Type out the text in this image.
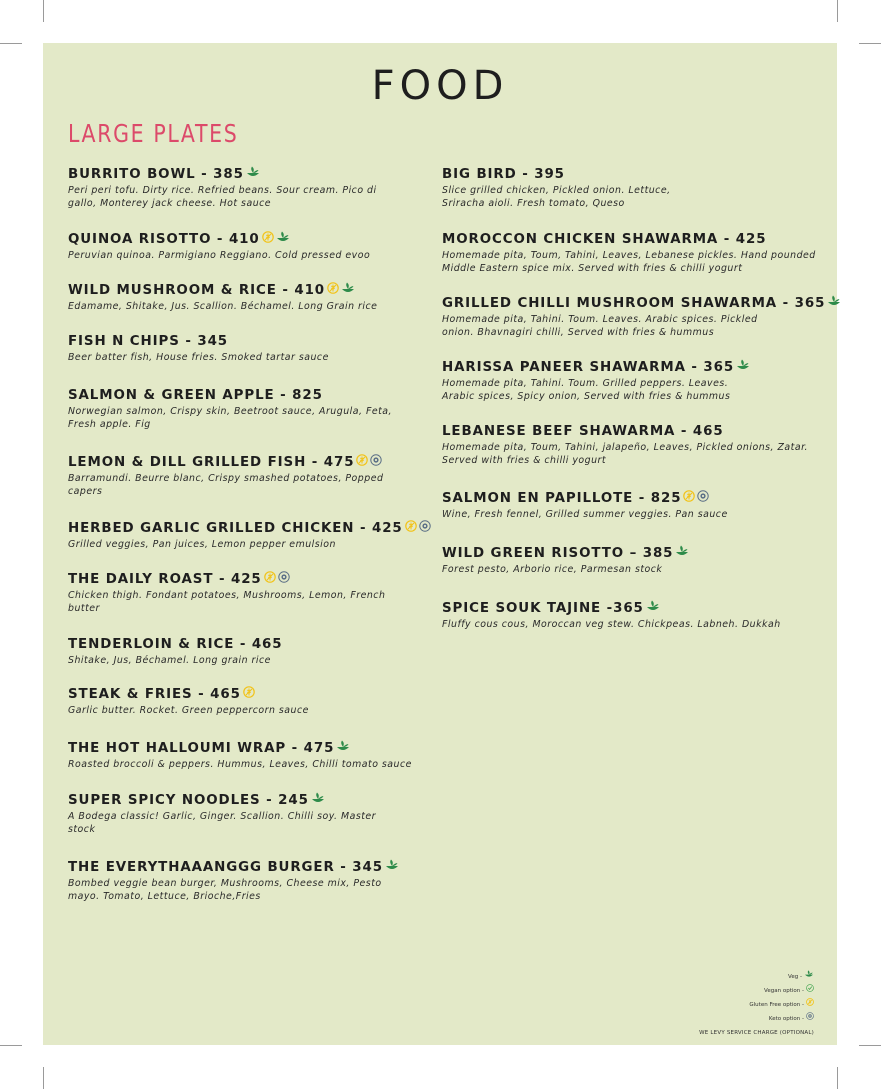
FOOD
LARGE PLATES
BURRITO BOWL - 385
Peri peri tofu. Dirty rice. Refried beans. Sour cream. Pico di gallo, Monterey jack cheese. Hot sauce
QUINOA RISOTTO - 410
Peruvian quinoa. Parmigiano Reggiano. Cold pressed evoo
WILD MUSHROOM & RICE - 410
Edamame, Shitake, Jus. Scallion. Béchamel. Long Grain rice
FISH N CHIPS - 345
Beer batter fish, House fries. Smoked tartar sauce
SALMON & GREEN APPLE - 825
Norwegian salmon, Crispy skin, Beetroot sauce, Arugula, Feta, Fresh apple. Fig
LEMON & DILL GRILLED FISH - 475
Barramundi. Beurre blanc, Crispy smashed potatoes, Popped capers
HERBED GARLIC GRILLED CHICKEN - 425
Grilled veggies, Pan juices, Lemon pepper emulsion
THE DAILY ROAST - 425
Chicken thigh. Fondant potatoes, Mushrooms, Lemon, French butter
TENDERLOIN & RICE - 465
Shitake, Jus, Béchamel. Long grain rice
STEAK & FRIES - 465
Garlic butter. Rocket. Green peppercorn sauce
THE HOT HALLOUMI WRAP - 475
Roasted broccoli & peppers. Hummus, Leaves, Chilli tomato sauce
SUPER SPICY NOODLES - 245
A Bodega classic! Garlic, Ginger. Scallion. Chilli soy. Master stock
THE EVERYTHAAANGGG BURGER - 345
Bombed veggie bean burger, Mushrooms, Cheese mix, Pesto mayo. Tomato, Lettuce, Brioche,Fries
BIG BIRD - 395
Slice grilled chicken, Pickled onion. Lettuce, Sriracha aioli. Fresh tomato, Queso
MOROCCON CHICKEN SHAWARMA - 425
Homemade pita, Toum, Tahini, Leaves, Lebanese pickles. Hand pounded Middle Eastern spice mix. Served with fries & chilli yogurt
GRILLED CHILLI MUSHROOM SHAWARMA - 365
Homemade pita, Tahini. Toum. Leaves. Arabic spices. Pickled onion. Bhavnagiri chilli, Served with fries & hummus
HARISSA PANEER SHAWARMA - 365
Homemade pita, Tahini. Toum. Grilled peppers. Leaves. Arabic spices, Spicy onion, Served with fries & hummus
LEBANESE BEEF SHAWARMA - 465
Homemade pita, Toum, Tahini, jalapeño, Leaves, Pickled onions, Zatar. Served with fries & chilli yogurt
SALMON EN PAPILLOTE - 825
Wine, Fresh fennel, Grilled summer veggies. Pan sauce
WILD GREEN RISOTTO – 385
Forest pesto, Arborio rice, Parmesan stock
SPICE SOUK TAJINE -365
Fluffy cous cous, Moroccan veg stew. Chickpeas. Labneh. Dukkah
Veg -
Vegan option -
Gluten Free option -
Keto option -
WE LEVY SERVICE CHARGE (OPTIONAL)
